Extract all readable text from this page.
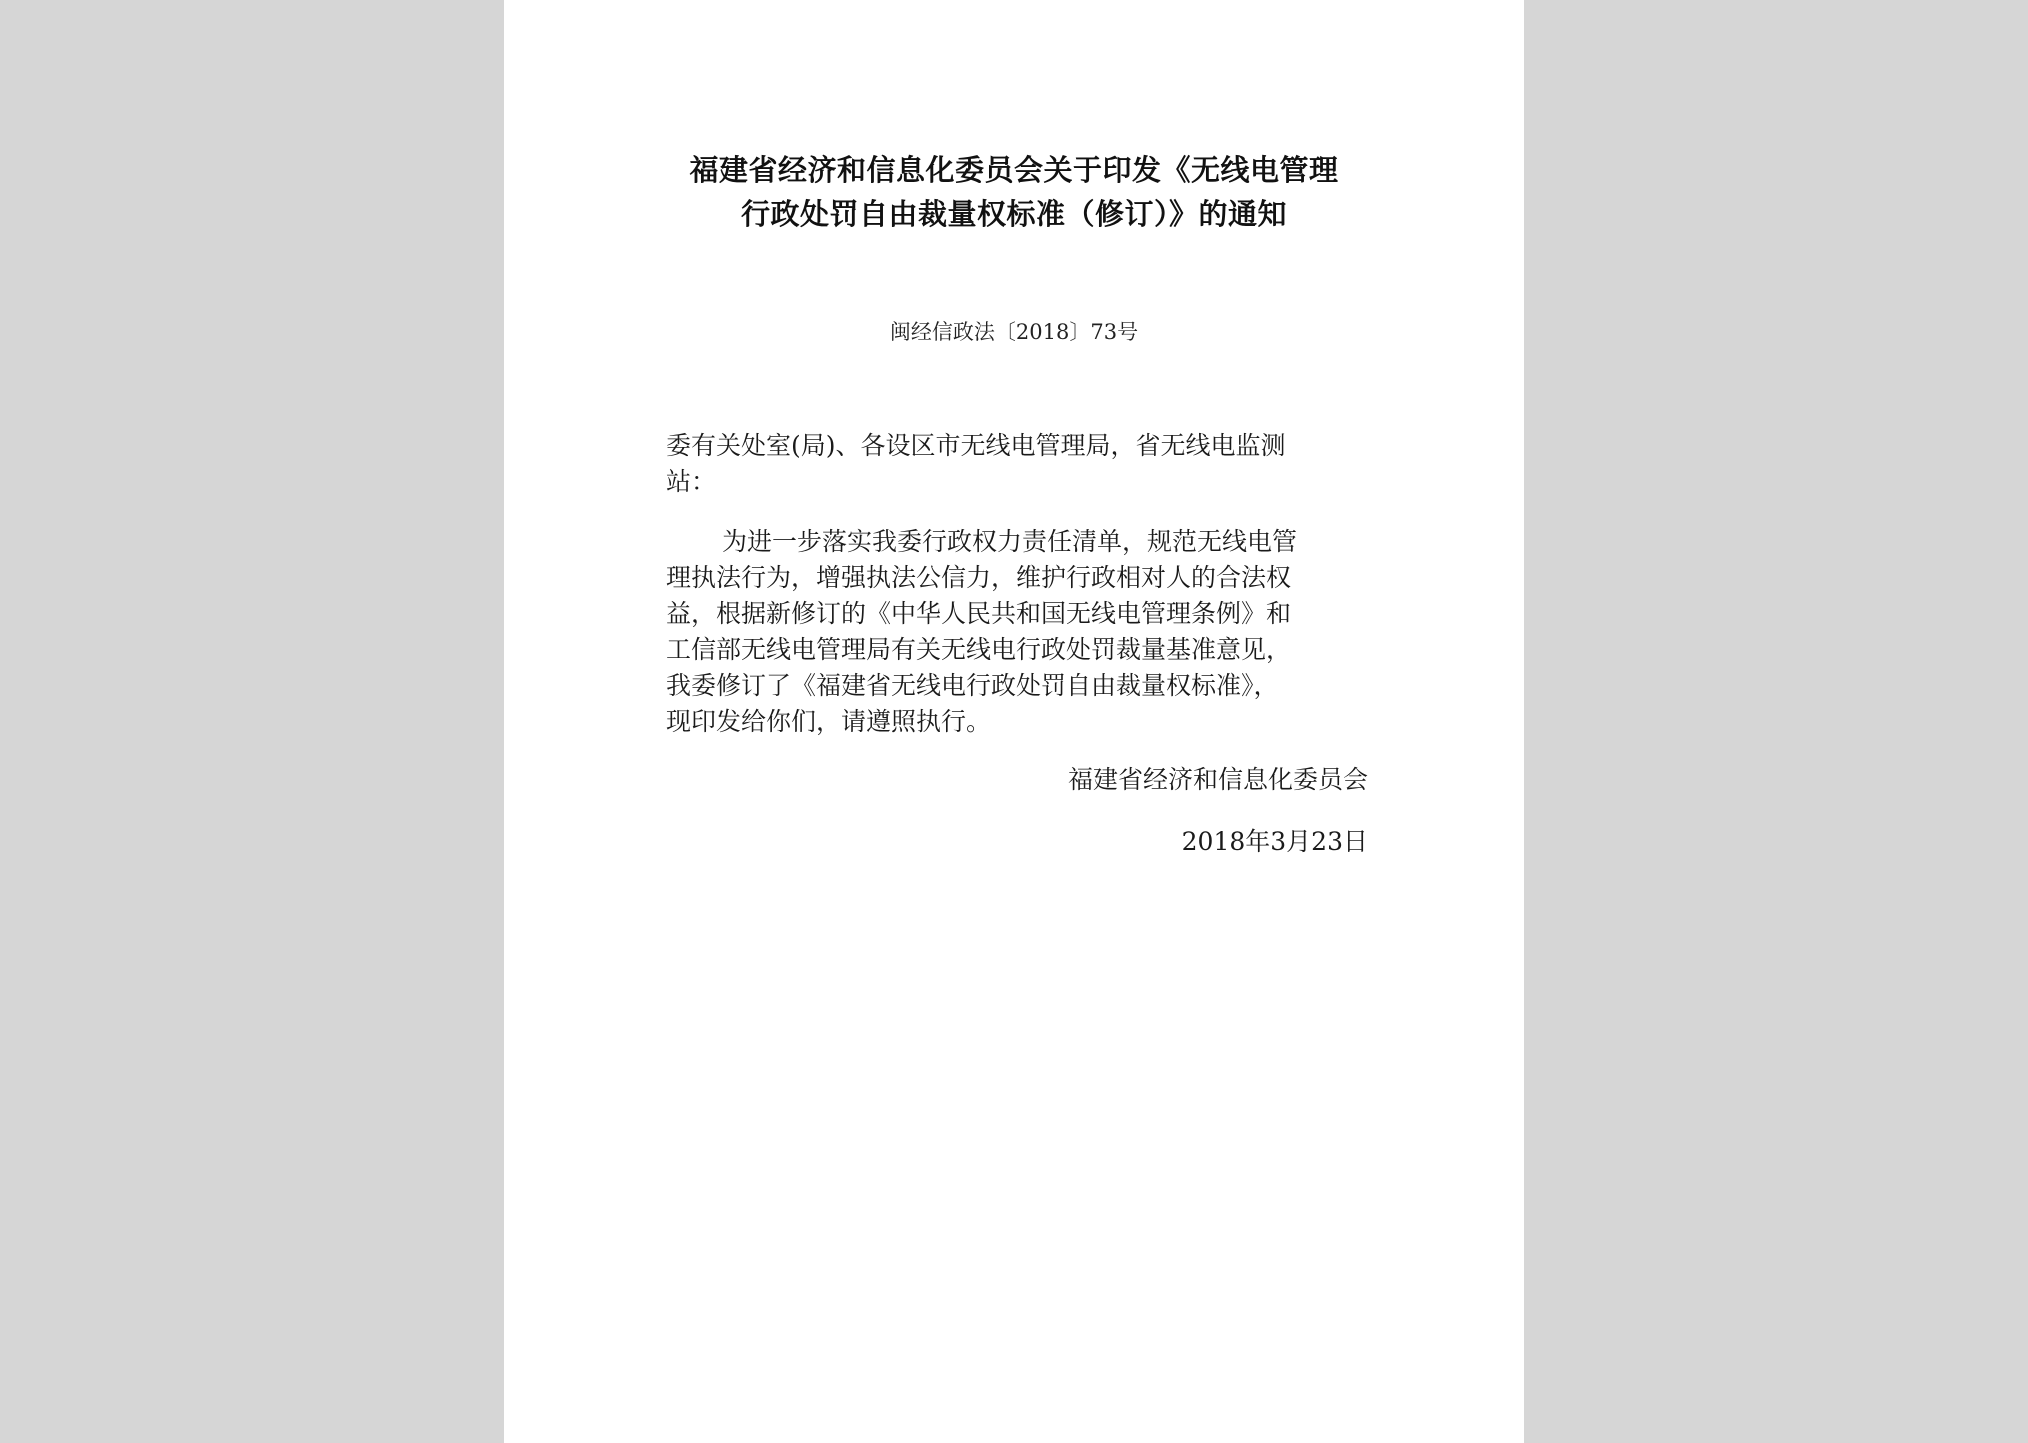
福建省经济和信息化委员会关于印发《无线电管理
行政处罚自由裁量权标准（修订）》的通知
闽经信政法〔2018〕73号
委有关处室(局)、各设区市无线电管理局，省无线电监测
站：
为进一步落实我委行政权力责任清单，规范无线电管
理执法行为，增强执法公信力，维护行政相对人的合法权
益，根据新修订的《中华人民共和国无线电管理条例》和
工信部无线电管理局有关无线电行政处罚裁量基准意见，
我委修订了《福建省无线电行政处罚自由裁量权标准》，
现印发给你们，请遵照执行。
福建省经济和信息化委员会
2018年3月23日
